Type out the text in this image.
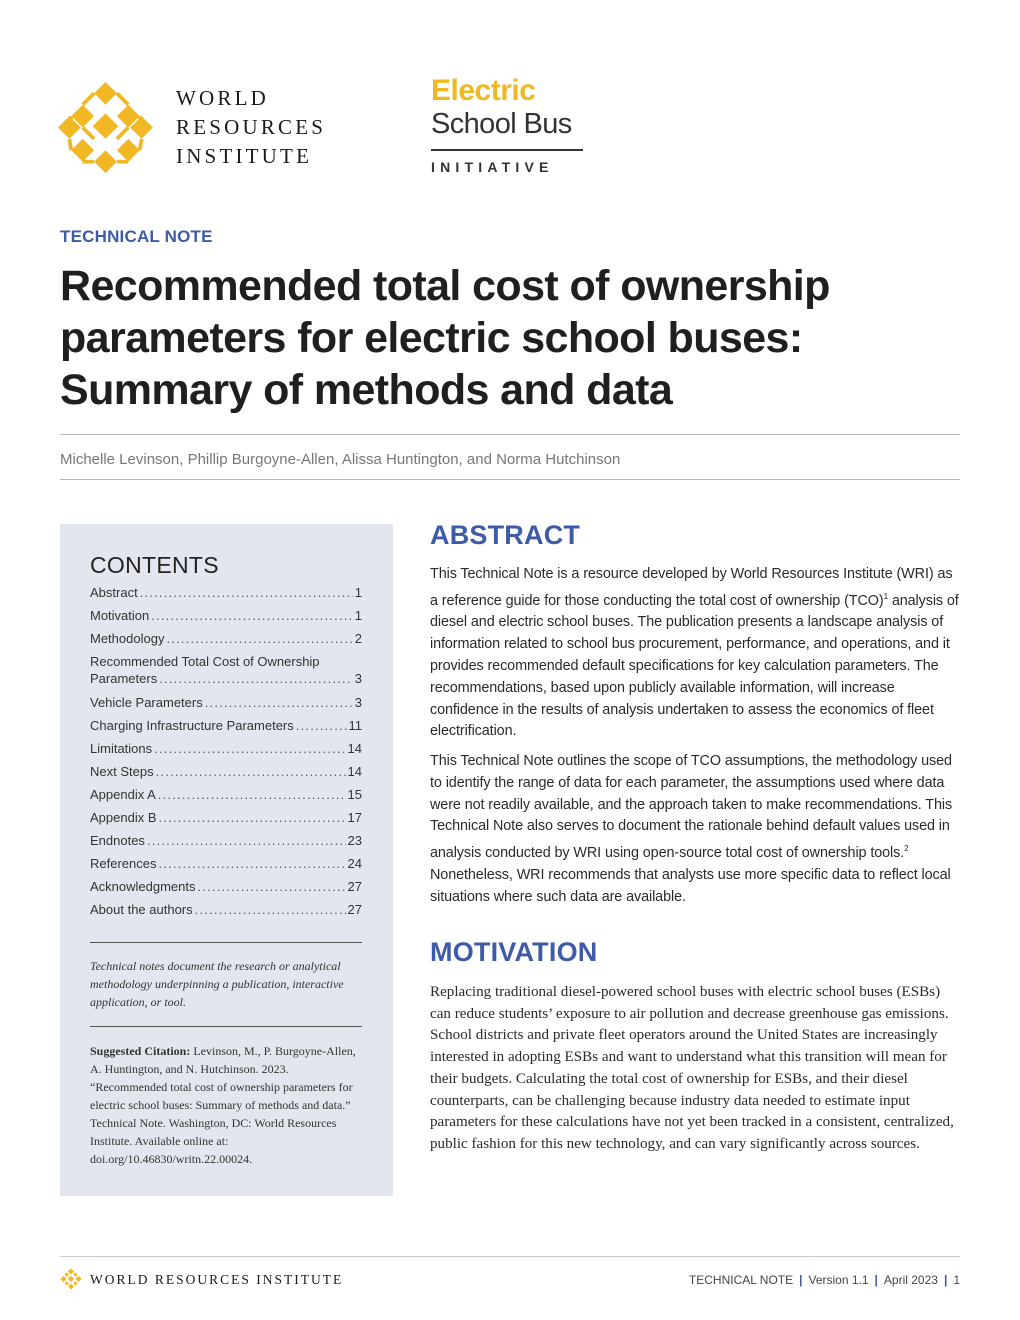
WORLD
RESOURCES
INSTITUTE
Electric
School Bus
INITIATIVE
TECHNICAL NOTE
Recommended total cost of ownership parameters for electric school buses: Summary of methods and data
Michelle Levinson, Phillip Burgoyne-Allen, Alissa Huntington, and Norma Hutchinson
CONTENTS
Abstract .....	1
Motivation .....	1
Methodology .....	2
Recommended Total Cost of Ownership
Parameters .....	3
Vehicle Parameters .....	3
Charging Infrastructure Parameters .....	11
Limitations .....	14
Next Steps .....	14
Appendix A .....	15
Appendix B .....	17
Endnotes .....	23
References .....	24
Acknowledgments .....	27
About the authors .....	27
Technical notes document the research or analytical methodology underpinning a publication, interactive application, or tool.
Suggested Citation: Levinson, M., P. Burgoyne-Allen, A. Huntington, and N. Hutchinson. 2023. “Recommended total cost of ownership parameters for electric school buses: Summary of methods and data.” Technical Note. Washington, DC: World Resources Institute. Available online at: doi.org/10.46830/writn.22.00024.
ABSTRACT
This Technical Note is a resource developed by World Resources Institute (WRI) as a reference guide for those conducting the total cost of ownership (TCO)$^1$ analysis of diesel and electric school buses. The publication presents a landscape analysis of information related to school bus procurement, performance, and operations, and it provides recommended default specifications for key calculation parameters. The recommendations, based upon publicly available information, will increase confidence in the results of analysis undertaken to assess the economics of fleet electrification.
This Technical Note outlines the scope of TCO assumptions, the methodology used to identify the range of data for each parameter, the assumptions used where data were not readily available, and the approach taken to make recommendations. This Technical Note also serves to document the rationale behind default values used in analysis conducted by WRI using open-source total cost of ownership tools.$^2$ Nonetheless, WRI recommends that analysts use more specific data to reflect local situations where such data are available.
MOTIVATION
Replacing traditional diesel-powered school buses with electric school buses (ESBs) can reduce students’ exposure to air pollution and decrease greenhouse gas emissions. School districts and private fleet operators around the United States are increasingly interested in adopting ESBs and want to understand what this transition will mean for their budgets. Calculating the total cost of ownership for ESBs, and their diesel counterparts, can be challenging because industry data needed to estimate input parameters for these calculations have not yet been tracked in a consistent, centralized, public fashion for this new technology, and can vary significantly across sources.
WORLD RESOURCES INSTITUTE	TECHNICAL NOTE | Version 1.1 | April 2023 | 1
